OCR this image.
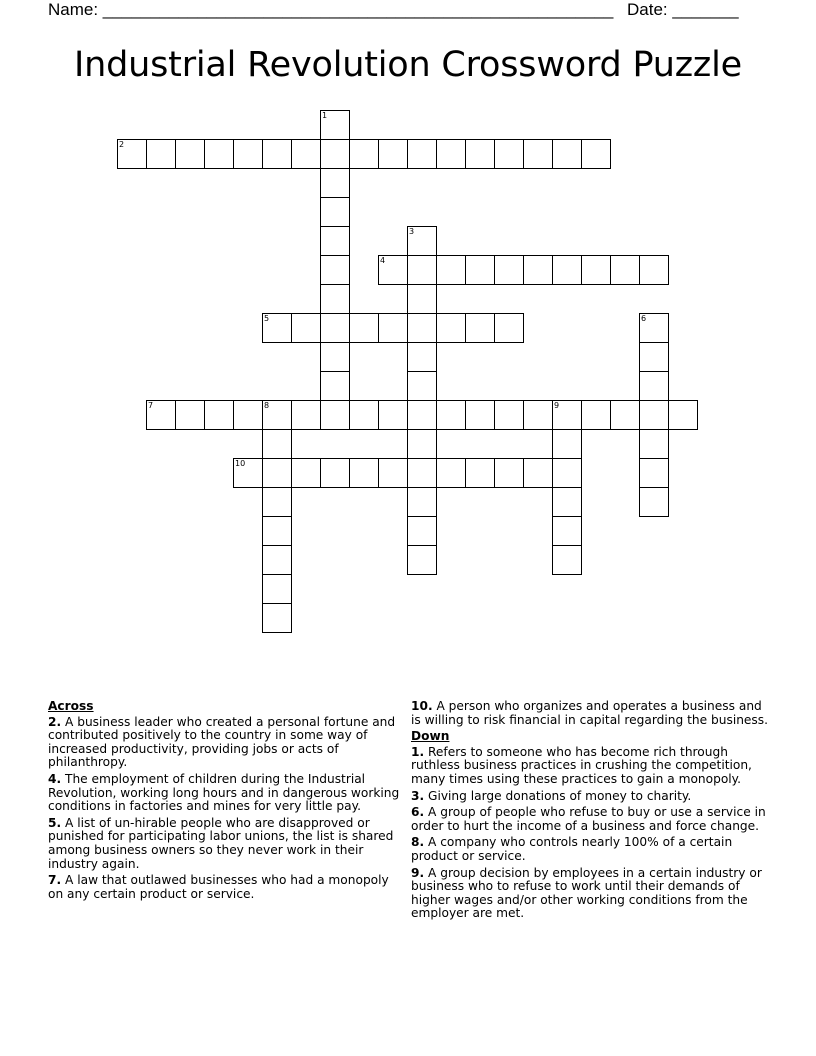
Name: ______________________________________________________ Date: _______
Industrial Revolution Crossword Puzzle
2
4
5
7
10
1
3
6
8	9
Across
2. A business leader who created a personal fortune and contributed positively to the country in some way of increased productivity, providing jobs or acts of philanthropy.
4. The employment of children during the Industrial Revolution, working long hours and in dangerous working conditions in factories and mines for very little pay.
5. A list of un-hirable people who are disapproved or punished for participating labor unions, the list is shared among business owners so they never work in their industry again.
7. A law that outlawed businesses who had a monopoly on any certain product or service.
10. A person who organizes and operates a business and is willing to risk financial in capital regarding the business.
Down
1. Refers to someone who has become rich through ruthless business practices in crushing the competition, many times using these practices to gain a monopoly.
3. Giving large donations of money to charity.
6. A group of people who refuse to buy or use a service in order to hurt the income of a business and force change.
8. A company who controls nearly 100% of a certain product or service.
9. A group decision by employees in a certain industry or business who to refuse to work until their demands of higher wages and/or other working conditions from the employer are met.
